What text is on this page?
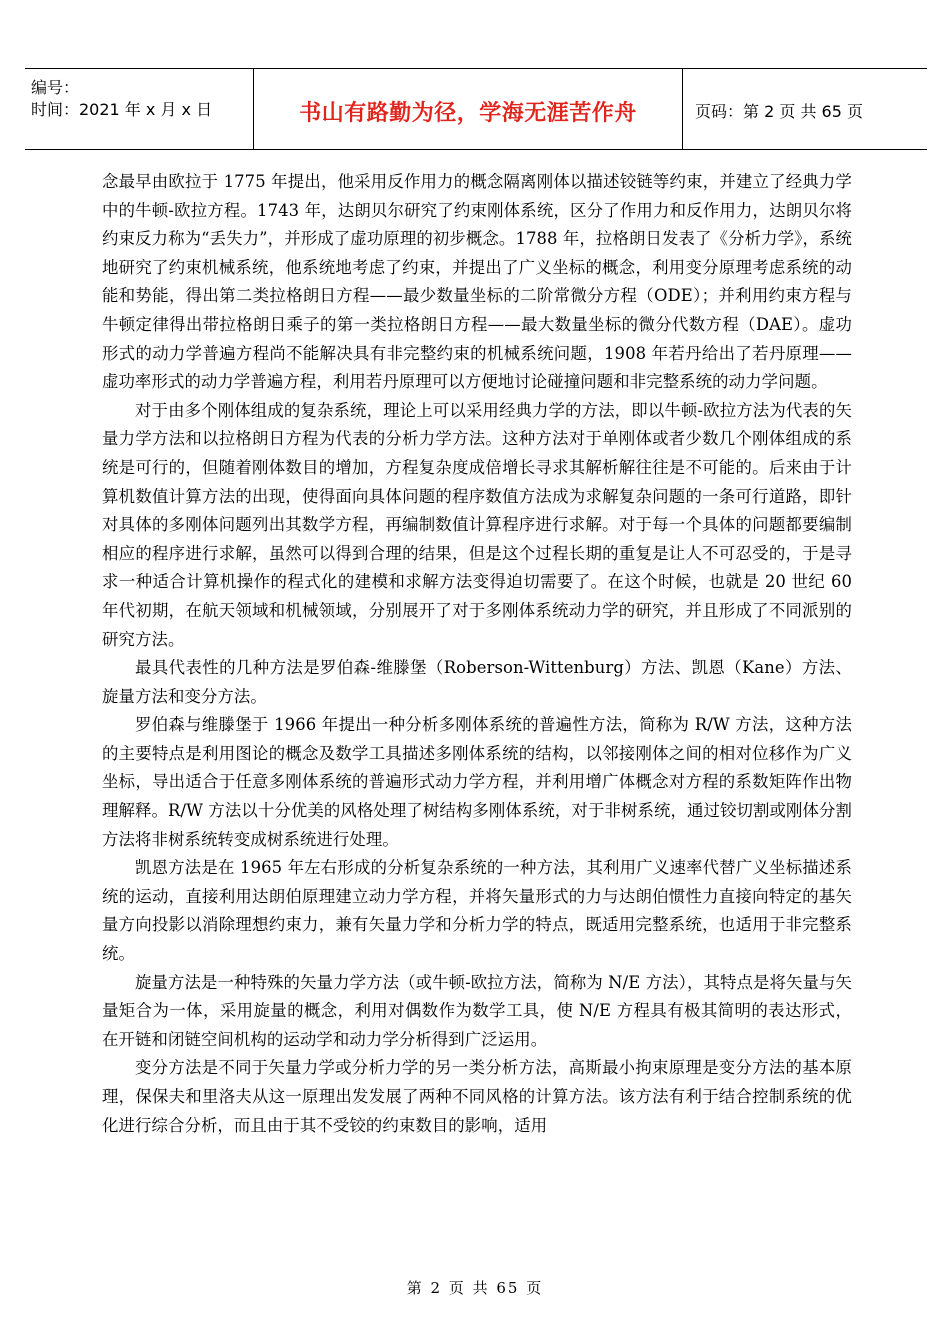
编号：
时间：2021 年 x 月 x 日	书山有路勤为径，学海无涯苦作舟	页码：第 2 页 共 65 页

念最早由欧拉于 1775 年提出，他采用反作用力的概念隔离刚体以描述铰链等约束，并建立了经典力学中的牛顿-欧拉方程。1743 年，达朗贝尔研究了约束刚体系统，区分了作用力和反作用力，达朗贝尔将约束反力称为“丢失力”，并形成了虚功原理的初步概念。1788 年，拉格朗日发表了《分析力学》，系统地研究了约束机械系统，他系统地考虑了约束，并提出了广义坐标的概念，利用变分原理考虑系统的动能和势能，得出第二类拉格朗日方程——最少数量坐标的二阶常微分方程（ODE）；并利用约束方程与牛顿定律得出带拉格朗日乘子的第一类拉格朗日方程——最大数量坐标的微分代数方程（DAE）。虚功形式的动力学普遍方程尚不能解决具有非完整约束的机械系统问题，1908 年若丹给出了若丹原理——虚功率形式的动力学普遍方程，利用若丹原理可以方便地讨论碰撞问题和非完整系统的动力学问题。

对于由多个刚体组成的复杂系统，理论上可以采用经典力学的方法，即以牛顿-欧拉方法为代表的矢量力学方法和以拉格朗日方程为代表的分析力学方法。这种方法对于单刚体或者少数几个刚体组成的系统是可行的，但随着刚体数目的增加，方程复杂度成倍增长寻求其解析解往往是不可能的。后来由于计算机数值计算方法的出现，使得面向具体问题的程序数值方法成为求解复杂问题的一条可行道路，即针对具体的多刚体问题列出其数学方程，再编制数值计算程序进行求解。对于每一个具体的问题都要编制相应的程序进行求解，虽然可以得到合理的结果，但是这个过程长期的重复是让人不可忍受的，于是寻求一种适合计算机操作的程式化的建模和求解方法变得迫切需要了。在这个时候，也就是 20 世纪 60 年代初期，在航天领域和机械领域，分别展开了对于多刚体系统动力学的研究，并且形成了不同派别的研究方法。

最具代表性的几种方法是罗伯森-维滕堡（Roberson-Wittenburg）方法、凯恩（Kane）方法、旋量方法和变分方法。

罗伯森与维滕堡于 1966 年提出一种分析多刚体系统的普遍性方法，简称为 R/W 方法，这种方法的主要特点是利用图论的概念及数学工具描述多刚体系统的结构，以邻接刚体之间的相对位移作为广义坐标，导出适合于任意多刚体系统的普遍形式动力学方程，并利用增广体概念对方程的系数矩阵作出物理解释。R/W 方法以十分优美的风格处理了树结构多刚体系统，对于非树系统，通过铰切割或刚体分割方法将非树系统转变成树系统进行处理。

凯恩方法是在 1965 年左右形成的分析复杂系统的一种方法，其利用广义速率代替广义坐标描述系统的运动，直接利用达朗伯原理建立动力学方程，并将矢量形式的力与达朗伯惯性力直接向特定的基矢量方向投影以消除理想约束力，兼有矢量力学和分析力学的特点，既适用完整系统，也适用于非完整系统。

旋量方法是一种特殊的矢量力学方法（或牛顿-欧拉方法，简称为 N/E 方法），其特点是将矢量与矢量矩合为一体，采用旋量的概念，利用对偶数作为数学工具，使 N/E 方程具有极其简明的表达形式，在开链和闭链空间机构的运动学和动力学分析得到广泛运用。

变分方法是不同于矢量力学或分析力学的另一类分析方法，高斯最小拘束原理是变分方法的基本原理，保保夫和里洛夫从这一原理出发发展了两种不同风格的计算方法。该方法有利于结合控制系统的优化进行综合分析，而且由于其不受铰的约束数目的影响，适用

第 2 页 共 65 页
